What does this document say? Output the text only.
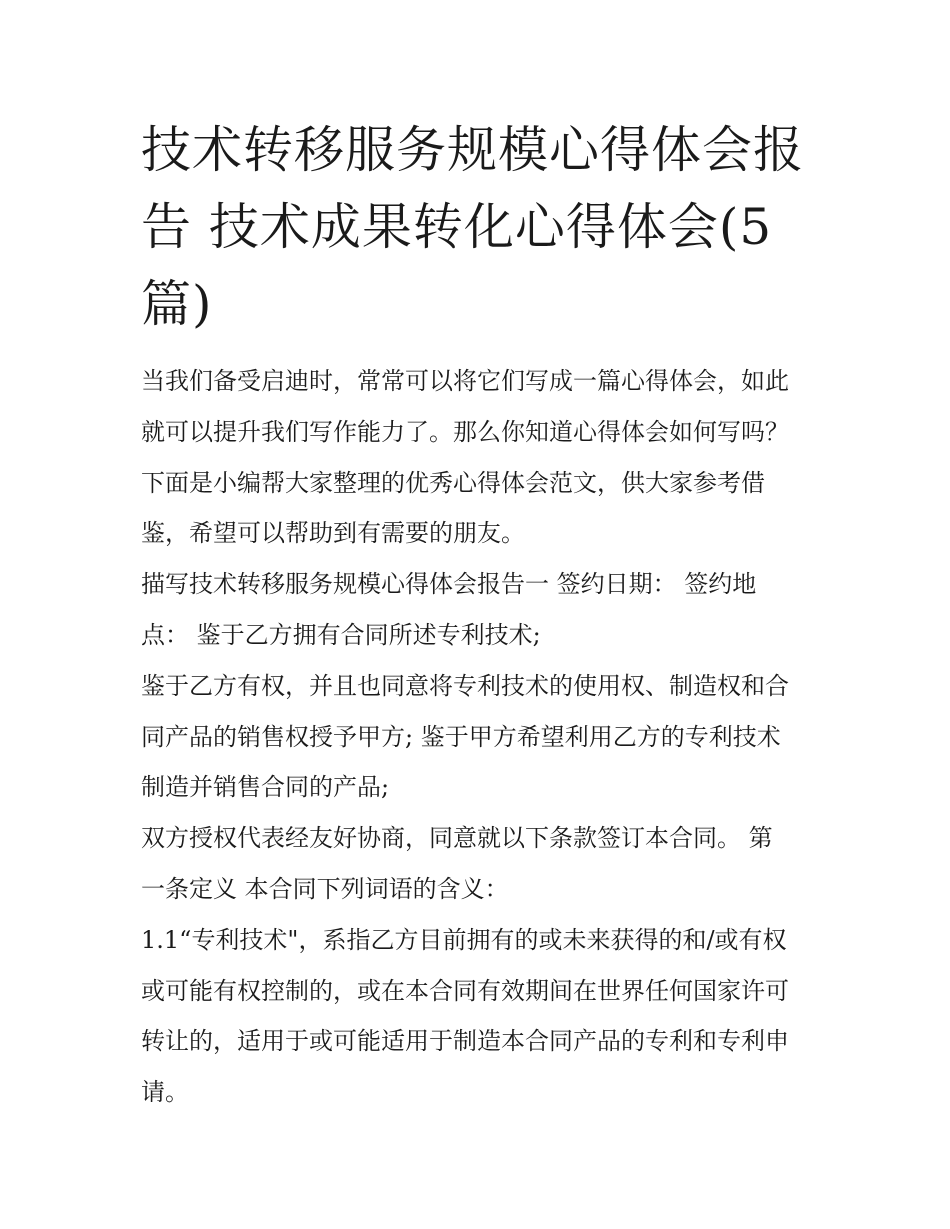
技术转移服务规模心得体会报
告 技术成果转化心得体会(5
篇)
当我们备受启迪时，常常可以将它们写成一篇心得体会，如此
就可以提升我们写作能力了。那么你知道心得体会如何写吗？
下面是小编帮大家整理的优秀心得体会范文，供大家参考借
鉴，希望可以帮助到有需要的朋友。
描写技术转移服务规模心得体会报告一 签约日期： 签约地
点： 鉴于乙方拥有合同所述专利技术;
鉴于乙方有权，并且也同意将专利技术的使用权、制造权和合
同产品的销售权授予甲方; 鉴于甲方希望利用乙方的专利技术
制造并销售合同的产品;
双方授权代表经友好协商，同意就以下条款签订本合同。 第
一条定义 本合同下列词语的含义：
1.1“专利技术"，系指乙方目前拥有的或未来获得的和/或有权
或可能有权控制的，或在本合同有效期间在世界任何国家许可
转让的，适用于或可能适用于制造本合同产品的专利和专利申
请。
